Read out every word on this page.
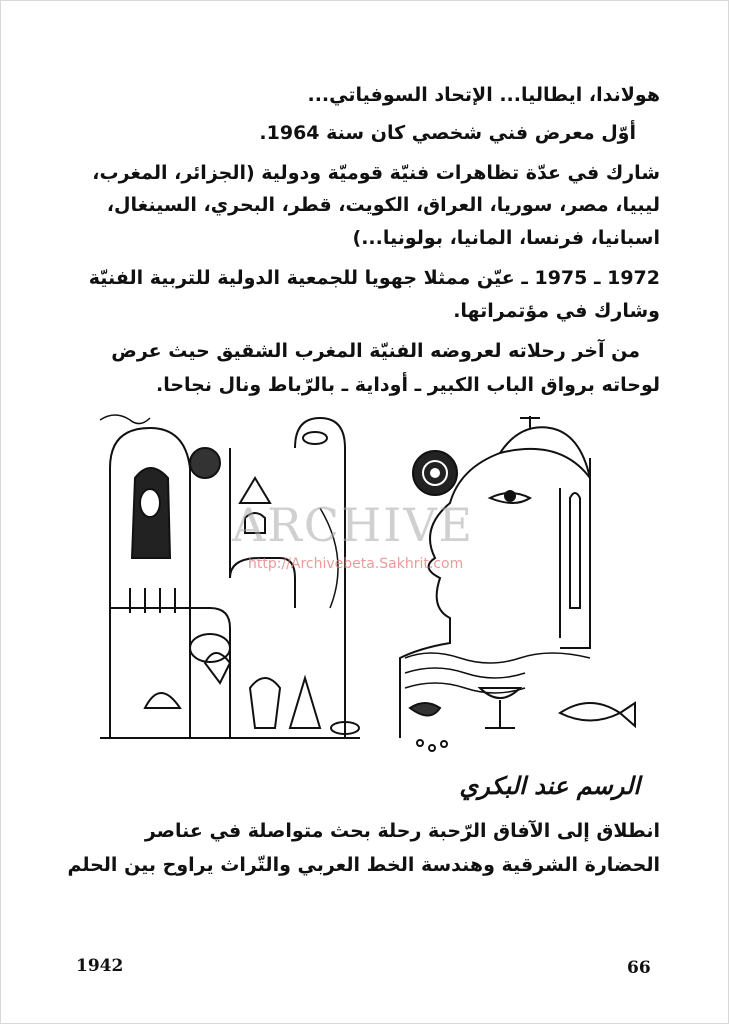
هولاندا، ايطاليا... الإتحاد السوفياتي...
أوّل معرض فني شخصي كان سنة 1964.
شارك في عدّة تظاهرات فنيّة قوميّة ودولية (الجزائر، المغرب،
ليبيا، مصر، سوريا، العراق، الكويت، قطر، البحري، السينغال،
اسبانيا، فرنسا، المانيا، بولونيا...)
1972 ـ 1975 ـ عيّن ممثلا جهويا للجمعية الدولية للتربية الفنيّة
وشارك في مؤتمراتها.
من آخر رحلاته لعروضه الفنيّة المغرب الشقيق حيث عرض
لوحاته برواق الباب الكبير ـ أوداية ـ بالرّباط ونال نجاحا.
ARCHIVE
http://Archivebeta.Sakhrit.com
الرسم عند البكري
انطلاق إلى الآفاق الرّحبة رحلة بحث متواصلة في عناصر
الحضارة الشرقية وهندسة الخط العربي والتّراث يراوح بين الحلم
1942	66
